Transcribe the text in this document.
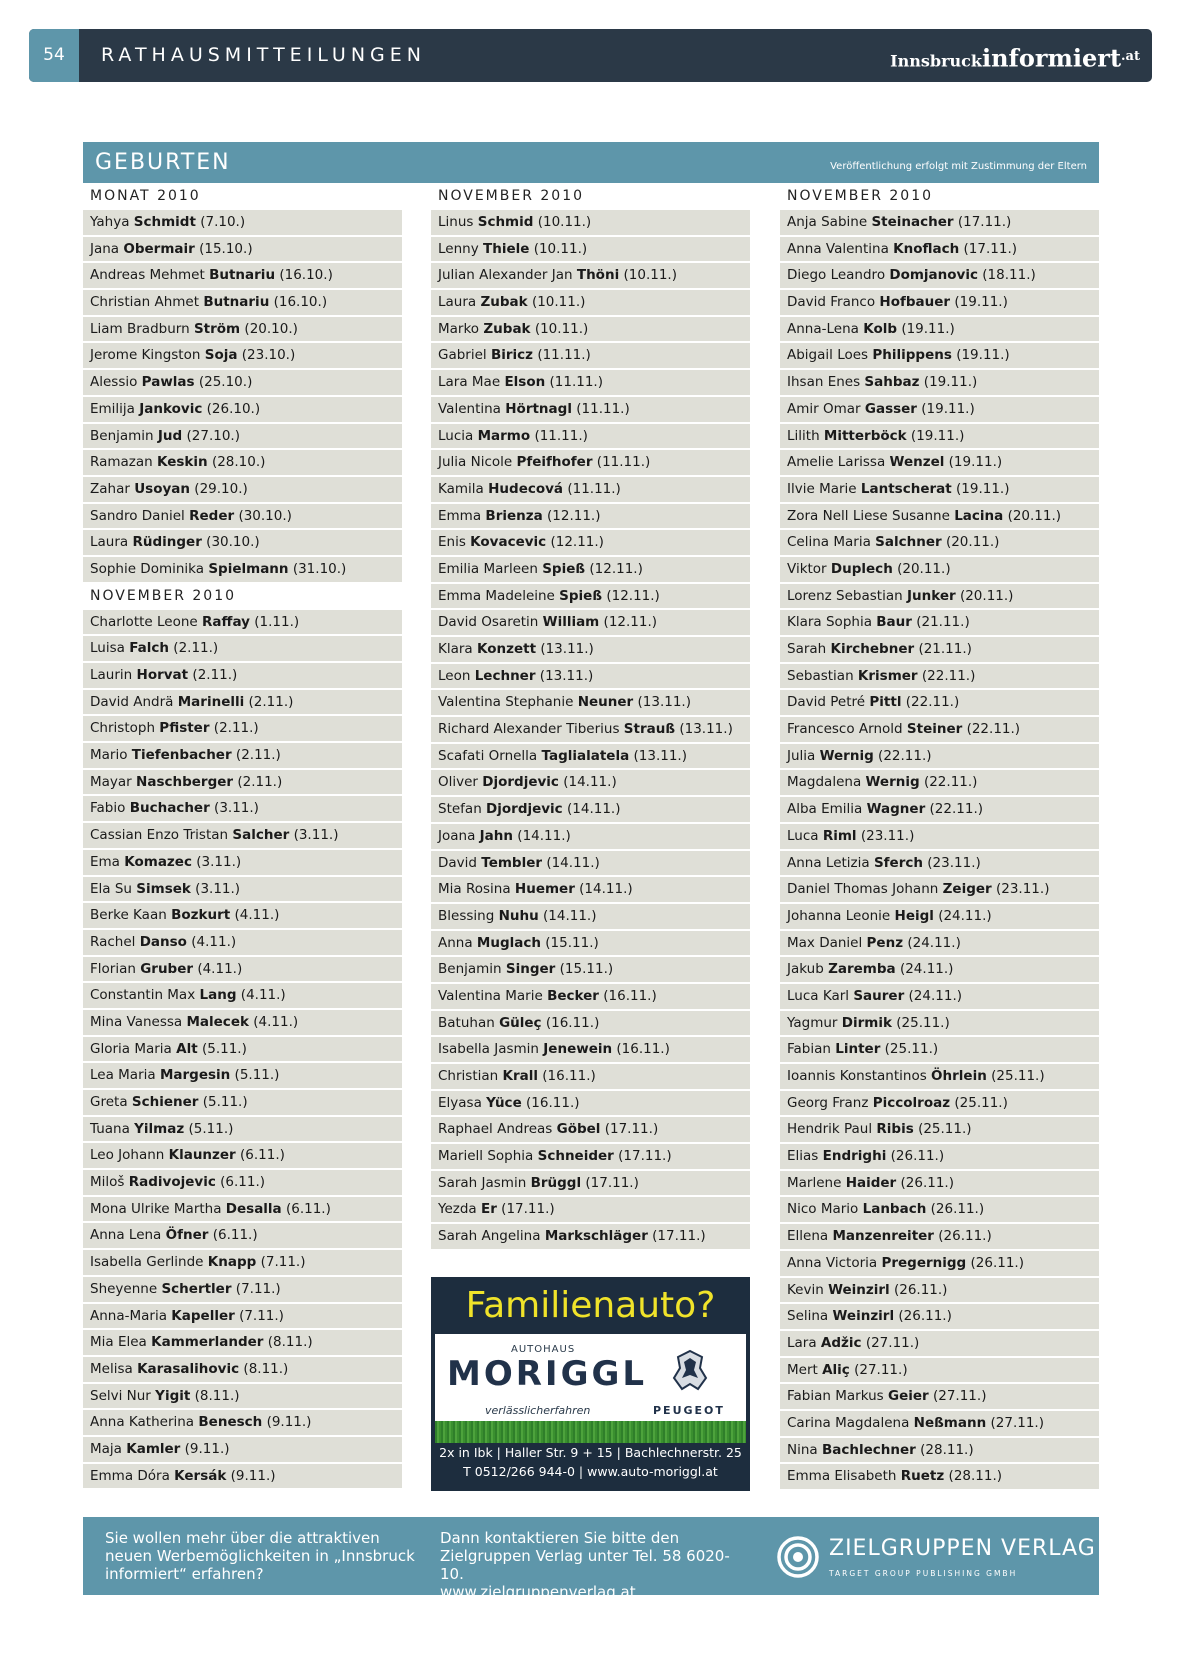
54	RATHAUSMITTEILUNGEN	Innsbruckinformiert$^{.at}$
GEBURTEN	Veröffentlichung erfolgt mit Zustimmung der Eltern
MONAT 2010
Yahya Schmidt (7.10.)
Jana Obermair (15.10.)
Andreas Mehmet Butnariu (16.10.)
Christian Ahmet Butnariu (16.10.)
Liam Bradburn Ström (20.10.)
Jerome Kingston Soja (23.10.)
Alessio Pawlas (25.10.)
Emilija Jankovic (26.10.)
Benjamin Jud (27.10.)
Ramazan Keskin (28.10.)
Zahar Usoyan (29.10.)
Sandro Daniel Reder (30.10.)
Laura Rüdinger (30.10.)
Sophie Dominika Spielmann (31.10.)
NOVEMBER 2010
Charlotte Leone Raffay (1.11.)
Luisa Falch (2.11.)
Laurin Horvat (2.11.)
David Andrä Marinelli (2.11.)
Christoph Pfister (2.11.)
Mario Tiefenbacher (2.11.)
Mayar Naschberger (2.11.)
Fabio Buchacher (3.11.)
Cassian Enzo Tristan Salcher (3.11.)
Ema Komazec (3.11.)
Ela Su Simsek (3.11.)
Berke Kaan Bozkurt (4.11.)
Rachel Danso (4.11.)
Florian Gruber (4.11.)
Constantin Max Lang (4.11.)
Mina Vanessa Malecek (4.11.)
Gloria Maria Alt (5.11.)
Lea Maria Margesin (5.11.)
Greta Schiener (5.11.)
Tuana Yilmaz (5.11.)
Leo Johann Klaunzer (6.11.)
Miloš Radivojevic (6.11.)
Mona Ulrike Martha Desalla (6.11.)
Anna Lena Öfner (6.11.)
Isabella Gerlinde Knapp (7.11.)
Sheyenne Schertler (7.11.)
Anna-Maria Kapeller (7.11.)
Mia Elea Kammerlander (8.11.)
Melisa Karasalihovic (8.11.)
Selvi Nur Yigit (8.11.)
Anna Katherina Benesch (9.11.)
Maja Kamler (9.11.)
Emma Dóra Kersák (9.11.)
NOVEMBER 2010
Linus Schmid (10.11.)
Lenny Thiele (10.11.)
Julian Alexander Jan Thöni (10.11.)
Laura Zubak (10.11.)
Marko Zubak (10.11.)
Gabriel Biricz (11.11.)
Lara Mae Elson (11.11.)
Valentina Hörtnagl (11.11.)
Lucia Marmo (11.11.)
Julia Nicole Pfeifhofer (11.11.)
Kamila Hudecová (11.11.)
Emma Brienza (12.11.)
Enis Kovacevic (12.11.)
Emilia Marleen Spieß (12.11.)
Emma Madeleine Spieß (12.11.)
David Osaretin William (12.11.)
Klara Konzett (13.11.)
Leon Lechner (13.11.)
Valentina Stephanie Neuner (13.11.)
Richard Alexander Tiberius Strauß (13.11.)
Scafati Ornella Taglialatela (13.11.)
Oliver Djordjevic (14.11.)
Stefan Djordjevic (14.11.)
Joana Jahn (14.11.)
David Tembler (14.11.)
Mia Rosina Huemer (14.11.)
Blessing Nuhu (14.11.)
Anna Muglach (15.11.)
Benjamin Singer (15.11.)
Valentina Marie Becker (16.11.)
Batuhan Güleç (16.11.)
Isabella Jasmin Jenewein (16.11.)
Christian Krall (16.11.)
Elyasa Yüce (16.11.)
Raphael Andreas Göbel (17.11.)
Mariell Sophia Schneider (17.11.)
Sarah Jasmin Brüggl (17.11.)
Yezda Er (17.11.)
Sarah Angelina Markschläger (17.11.)
NOVEMBER 2010
Anja Sabine Steinacher (17.11.)
Anna Valentina Knoflach (17.11.)
Diego Leandro Domjanovic (18.11.)
David Franco Hofbauer (19.11.)
Anna-Lena Kolb (19.11.)
Abigail Loes Philippens (19.11.)
Ihsan Enes Sahbaz (19.11.)
Amir Omar Gasser (19.11.)
Lilith Mitterböck (19.11.)
Amelie Larissa Wenzel (19.11.)
Ilvie Marie Lantscherat (19.11.)
Zora Nell Liese Susanne Lacina (20.11.)
Celina Maria Salchner (20.11.)
Viktor Duplech (20.11.)
Lorenz Sebastian Junker (20.11.)
Klara Sophia Baur (21.11.)
Sarah Kirchebner (21.11.)
Sebastian Krismer (22.11.)
David Petré Pittl (22.11.)
Francesco Arnold Steiner (22.11.)
Julia Wernig (22.11.)
Magdalena Wernig (22.11.)
Alba Emilia Wagner (22.11.)
Luca Riml (23.11.)
Anna Letizia Sferch (23.11.)
Daniel Thomas Johann Zeiger (23.11.)
Johanna Leonie Heigl (24.11.)
Max Daniel Penz (24.11.)
Jakub Zaremba (24.11.)
Luca Karl Saurer (24.11.)
Yagmur Dirmik (25.11.)
Fabian Linter (25.11.)
Ioannis Konstantinos Öhrlein (25.11.)
Georg Franz Piccolroaz (25.11.)
Hendrik Paul Ribis (25.11.)
Elias Endrighi (26.11.)
Marlene Haider (26.11.)
Nico Mario Lanbach (26.11.)
Ellena Manzenreiter (26.11.)
Anna Victoria Pregernigg (26.11.)
Kevin Weinzirl (26.11.)
Selina Weinzirl (26.11.)
Lara Adžic (27.11.)
Mert Aliç (27.11.)
Fabian Markus Geier (27.11.)
Carina Magdalena Neßmann (27.11.)
Nina Bachlechner (28.11.)
Emma Elisabeth Ruetz (28.11.)
Familienauto?
AUTOHAUS
MORIGGL
verlässlicherfahren	PEUGEOT
2x in Ibk | Haller Str. 9 + 15 | Bachlechnerstr. 25
T 0512/266 944-0 | www.auto-moriggl.at
Sie wollen mehr über die attraktiven neuen Werbemöglichkeiten in „Innsbruck informiert“ erfahren?
Dann kontaktieren Sie bitte den Zielgruppen Verlag unter Tel. 58 6020-10.
www.zielgruppenverlag.at
ZIELGRUPPEN VERLAG
TARGET GROUP PUBLISHING GMBH
